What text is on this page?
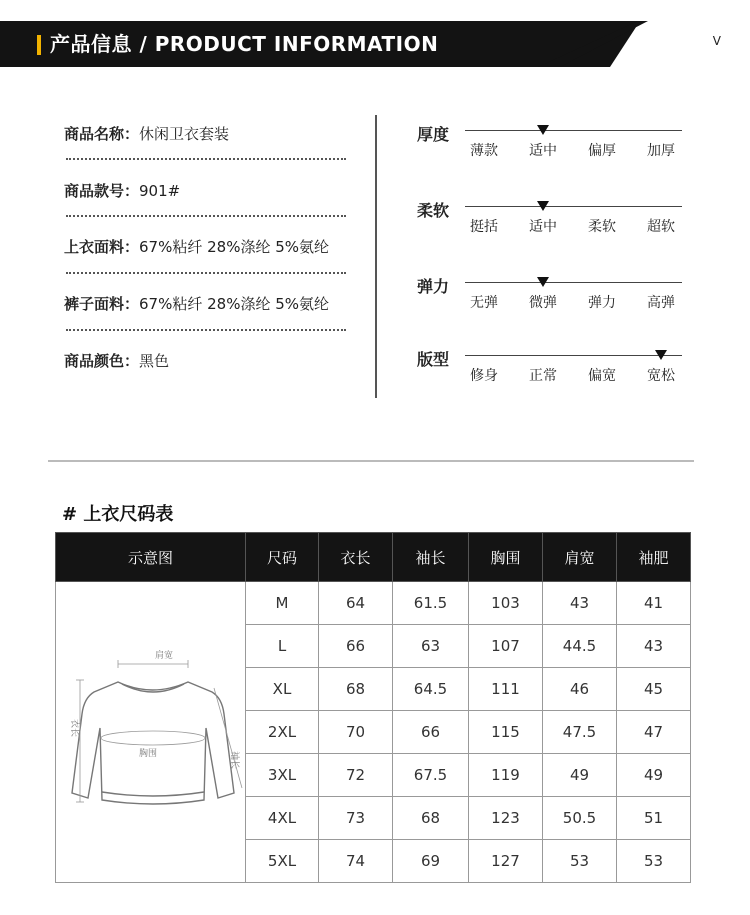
产品信息 / PRODUCT INFORMATION	V
商品名称：休闲卫衣套装
商品款号：901#
上衣面料：67%粘纤 28%涤纶 5%氨纶
裤子面料：67%粘纤 28%涤纶 5%氨纶
商品颜色：黑色
厚度
薄款	适中	偏厚	加厚
柔软
挺括	适中	柔软	超软
弹力
无弹	微弹	弹力	高弹
版型
修身	正常	偏宽	宽松
# 上衣尺码表
示意图	尺码	衣长	袖长	胸围	肩宽	袖肥

肩宽
衣长
袖长
胸围	M	64	61.5	103	43	41
	L	66	63	107	44.5	43
	XL	68	64.5	111	46	45
	2XL	70	66	115	47.5	47
	3XL	72	67.5	119	49	49
	4XL	73	68	123	50.5	51
	5XL	74	69	127	53	53
